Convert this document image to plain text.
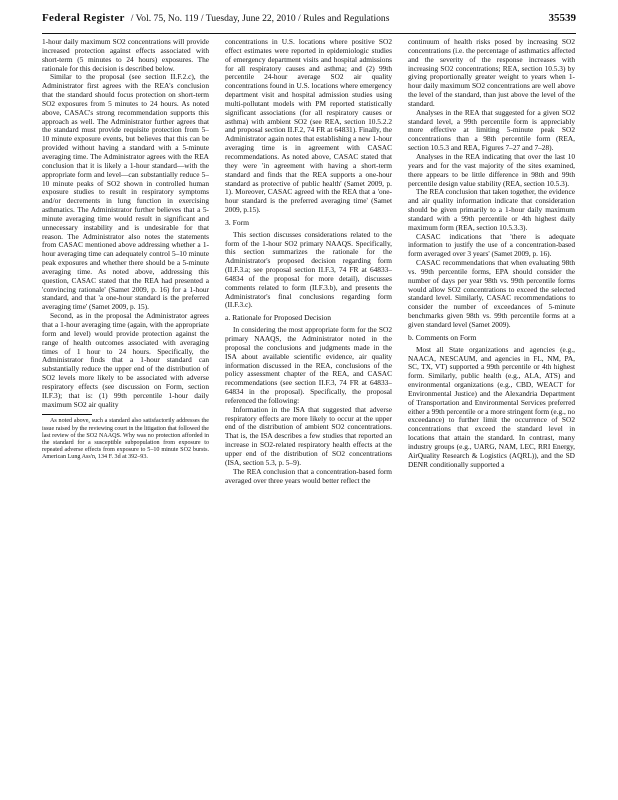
Federal Register / Vol. 75, No. 119 / Tuesday, June 22, 2010 / Rules and Regulations	35539

1-hour daily maximum SO2 concentrations will provide increased protection against effects associated with short-term (5 minutes to 24 hours) exposures. The rationale for this decision is described below.

Similar to the proposal (see section II.F.2.c), the Administrator first agrees with the REA's conclusion that the standard should focus protection on short-term SO2 exposures from 5 minutes to 24 hours. As noted above, CASAC's strong recommendation supports this approach as well. The Administrator further agrees that the standard must provide requisite protection from 5–10 minute exposure events, but believes that this can be provided without having a standard with a 5-minute averaging time. The Administrator agrees with the REA conclusion that it is likely a 1-hour standard—with the appropriate form and level—can substantially reduce 5–10 minute peaks of SO2 shown in controlled human exposure studies to result in respiratory symptoms and/or decrements in lung function in exercising asthmatics. The Administrator further believes that a 5-minute averaging time would result in significant and unnecessary instability and is undesirable for that reason. The Administrator also notes the statements from CASAC mentioned above addressing whether a 1-hour averaging time can adequately control 5–10 minute peak exposures and whether there should be a 5-minute averaging time. As noted above, addressing this question, CASAC stated that the REA had presented a 'convincing rationale' (Samet 2009, p. 16) for a 1-hour standard, and that 'a one-hour standard is the preferred averaging time' (Samet 2009, p. 15).

Second, as in the proposal the Administrator agrees that a 1-hour averaging time (again, with the appropriate form and level) would provide protection against the range of health outcomes associated with averaging times of 1 hour to 24 hours. Specifically, the Administrator finds that a 1-hour standard can substantially reduce the upper end of the distribution of SO2 levels more likely to be associated with adverse respiratory effects (see discussion on Form, section II.F.3); that is: (1) 99th percentile 1-hour daily maximum SO2 air quality

As noted above, such a standard also satisfactorily addresses the issue raised by the reviewing court in the litigation that followed the last review of the SO2 NAAQS. Why was no protection afforded in the standard for a susceptible subpopulation from exposure to repeated adverse effects from exposure to 5–10 minute SO2 bursts. American Lung Ass'n, 134 F. 3d at 392–93.

concentrations in U.S. locations where positive SO2 effect estimates were reported in epidemiologic studies of emergency department visits and hospital admissions for all respiratory causes and asthma; and (2) 99th percentile 24-hour average SO2 air quality concentrations found in U.S. locations where emergency department visit and hospital admission studies using multi-pollutant models with PM reported statistically significant associations (for all respiratory causes or asthma) with ambient SO2 (see REA, section 10.5.2.2 and proposal section II.F.2, 74 FR at 64831). Finally, the Administrator again notes that establishing a new 1-hour averaging time is in agreement with CASAC recommendations. As noted above, CASAC stated that they were 'in agreement with having a short-term standard and finds that the REA supports a one-hour standard as protective of public health' (Samet 2009, p. 1). Moreover, CASAC agreed with the REA that a 'one-hour standard is the preferred averaging time' (Samet 2009, p.15).

3. Form

This section discusses considerations related to the form of the 1-hour SO2 primary NAAQS. Specifically, this section summarizes the rationale for the Administrator's proposed decision regarding form (II.F.3.a; see proposal section II.F.3, 74 FR at 64833–64834 of the proposal for more detail), discusses comments related to form (II.F.3.b), and presents the Administrator's final conclusions regarding form (II.F.3.c).

a. Rationale for Proposed Decision

In considering the most appropriate form for the SO2 primary NAAQS, the Administrator noted in the proposal the conclusions and judgments made in the ISA about available scientific evidence, air quality information discussed in the REA, conclusions of the policy assessment chapter of the REA, and CASAC recommendations (see section II.F.3, 74 FR at 64833–64834 in the proposal). Specifically, the proposal referenced the following:

Information in the ISA that suggested that adverse respiratory effects are more likely to occur at the upper end of the distribution of ambient SO2 concentrations. That is, the ISA describes a few studies that reported an increase in SO2-related respiratory health effects at the upper end of the distribution of SO2 concentrations (ISA, section 5.3, p. 5–9).

The REA conclusion that a concentration-based form averaged over three years would better reflect the

continuum of health risks posed by increasing SO2 concentrations (i.e. the percentage of asthmatics affected and the severity of the response increases with increasing SO2 concentrations; REA, section 10.5.3) by giving proportionally greater weight to years when 1-hour daily maximum SO2 concentrations are well above the level of the standard, than just above the level of the standard.

Analyses in the REA that suggested for a given SO2 standard level, a 99th percentile form is appreciably more effective at limiting 5-minute peak SO2 concentrations than a 98th percentile form (REA, section 10.5.3 and REA, Figures 7–27 and 7–28).

Analyses in the REA indicating that over the last 10 years and for the vast majority of the sites examined, there appears to be little difference in 98th and 99th percentile design value stability (REA, section 10.5.3).

The REA conclusion that taken together, the evidence and air quality information indicate that consideration should be given primarily to a 1-hour daily maximum standard with a 99th percentile or 4th highest daily maximum form (REA, section 10.5.3.3).

CASAC indications that 'there is adequate information to justify the use of a concentration-based form averaged over 3 years' (Samet 2009, p. 16).

CASAC recommendations that when evaluating 98th vs. 99th percentile forms, EPA should consider the number of days per year 98th vs. 99th percentile forms would allow SO2 concentrations to exceed the selected standard level. Similarly, CASAC recommendations to consider the number of exceedances of 5-minute benchmarks given 98th vs. 99th percentile forms at a given standard level (Samet 2009).

b. Comments on Form

Most all State organizations and agencies (e.g., NAACA, NESCAUM, and agencies in FL, NM, PA, SC, TX, VT) supported a 99th percentile or 4th highest form. Similarly, public health (e.g., ALA, ATS) and environmental organizations (e.g., CBD, WEACT for Environmental Justice) and the Alexandria Department of Transportation and Environmental Services preferred either a 99th percentile or a more stringent form (e.g., no exceedance) to further limit the occurrence of SO2 concentrations that exceed the standard level in locations that attain the standard. In contrast, many industry groups (e.g., UARG, NAM, LEC, RRI Energy, AirQuality Research & Logistics (AQRL)), and the SD DENR conditionally supported a
